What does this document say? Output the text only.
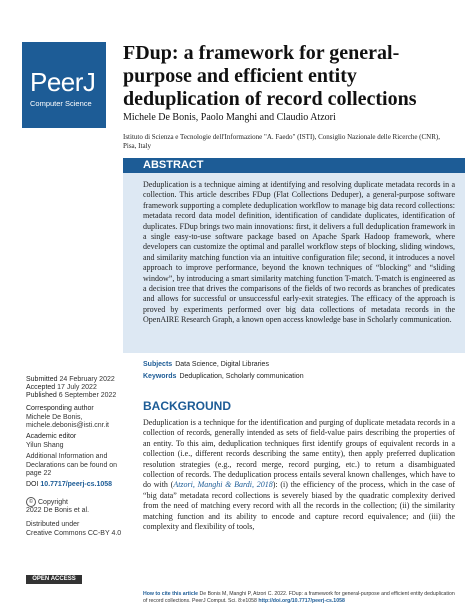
PeerJ
Computer Science
FDup: a framework for general-purpose and efficient entity deduplication of record collections
Michele De Bonis, Paolo Manghi and Claudio Atzori
Istituto di Scienza e Tecnologie dell'Informazione "A. Faedo" (ISTI), Consiglio Nazionale delle Ricerche (CNR), Pisa, Italy
ABSTRACT

Deduplication is a technique aiming at identifying and resolving duplicate metadata records in a collection. This article describes FDup (Flat Collections Deduper), a general-purpose software framework supporting a complete deduplication workflow to manage big data record collections: metadata record data model definition, identification of candidate duplicates, identification of duplicates. FDup brings two main innovations: first, it delivers a full deduplication framework in a single easy-to-use software package based on Apache Spark Hadoop framework, where developers can customize the optimal and parallel workflow steps of blocking, sliding windows, and similarity matching function via an intuitive configuration file; second, it introduces a novel approach to improve performance, beyond the known techniques of “blocking” and “sliding window”, by introducing a smart similarity matching function T-match. T-match is engineered as a decision tree that drives the comparisons of the fields of two records as branches of predicates and allows for successful or unsuccessful early-exit strategies. The efficacy of the approach is proved by experiments performed over big data collections of metadata records in the OpenAIRE Research Graph, a known open access knowledge base in Scholarly communication.

Subjects Data Science, Digital Libraries
Keywords Deduplication, Scholarly communication
Submitted 24 February 2022
Accepted 17 July 2022
Published 6 September 2022
Corresponding author
Michele De Bonis,
michele.debonis@isti.cnr.it
Academic editor
Yilun Shang
Additional Information and Declarations can be found on page 22
DOI 10.7717/peerj-cs.1058
© Copyright
2022 De Bonis et al.
Distributed under
Creative Commons CC-BY 4.0
OPEN ACCESS
BACKGROUND

Deduplication is a technique for the identification and purging of duplicate metadata records in a collection of records, generally intended as sets of field-value pairs describing the properties of an entity. To this aim, deduplication techniques first identify groups of equivalent records in a collection (i.e., different records describing the same entity), then apply preferred duplication resolution strategies (e.g., record merge, record purging, etc.) to return a disambiguated collection of records. The deduplication process entails several known challenges, which have to do with (Atzori, Manghi & Bardi, 2018): (i) the efficiency of the process, which in the case of “big data” metadata record collections is severely biased by the quadratic complexity derived from the need of matching every record with all the records in the collection; (ii) the similarity matching function and its ability to encode and capture record equivalence; and (iii) the complexity and flexibility of tools,

How to cite this article De Bonis M, Manghi P, Atzori C. 2022. FDup: a framework for general-purpose and efficient entity deduplication of record collections. PeerJ Comput. Sci. 8:e1058 http://doi.org/10.7717/peerj-cs.1058
